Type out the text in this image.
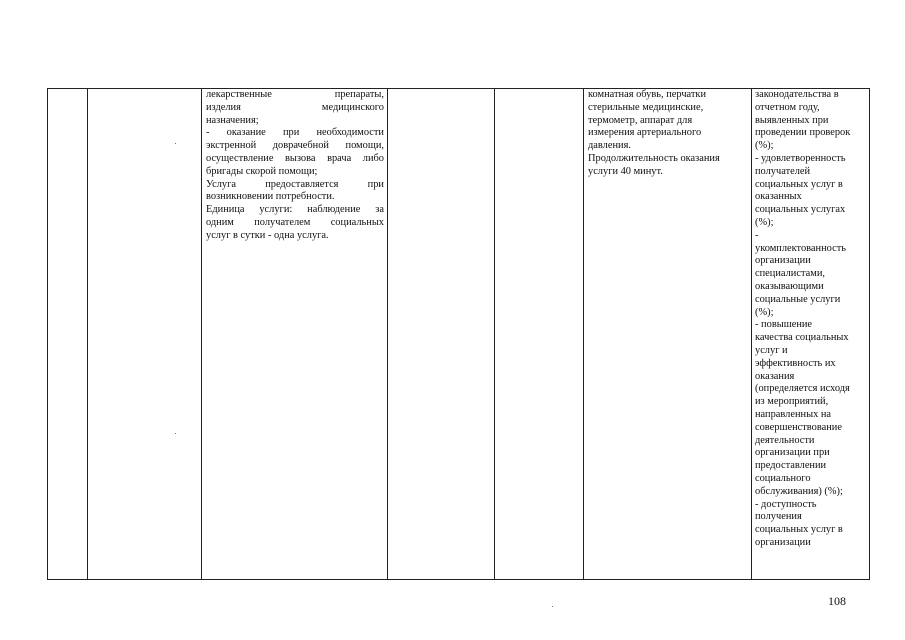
лекарственные препараты,

изделия медицинского

назначения;

- оказание при необходимости

экстренной доврачебной помощи,

осуществление вызова врача либо

бригады скорой помощи;

Услуга предоставляется при

возникновении потребности.

Единица услуги: наблюдение за

одним получателем социальных

услуг в сутки - одна услуга.

комнатная обувь, перчатки

стерильные медицинские,

термометр, аппарат для

измерения артериального

давления.

Продолжительность оказания

услуги 40 минут.

законодательства в

отчетном году,

выявленных при

проведении проверок

(%);

- удовлетворенность

получателей

социальных услуг в

оказанных

социальных услугах

(%);

-

укомплектованность

организации

специалистами,

оказывающими

социальные услуги

(%);

- повышение

качества социальных

услуг и

эффективность их

оказания

(определяется исходя

из мероприятий,

направленных на

совершенствование

деятельности

организации при

предоставлении

социального

обслуживания) (%);

- доступность

получения

социальных услуг в

организации

108
